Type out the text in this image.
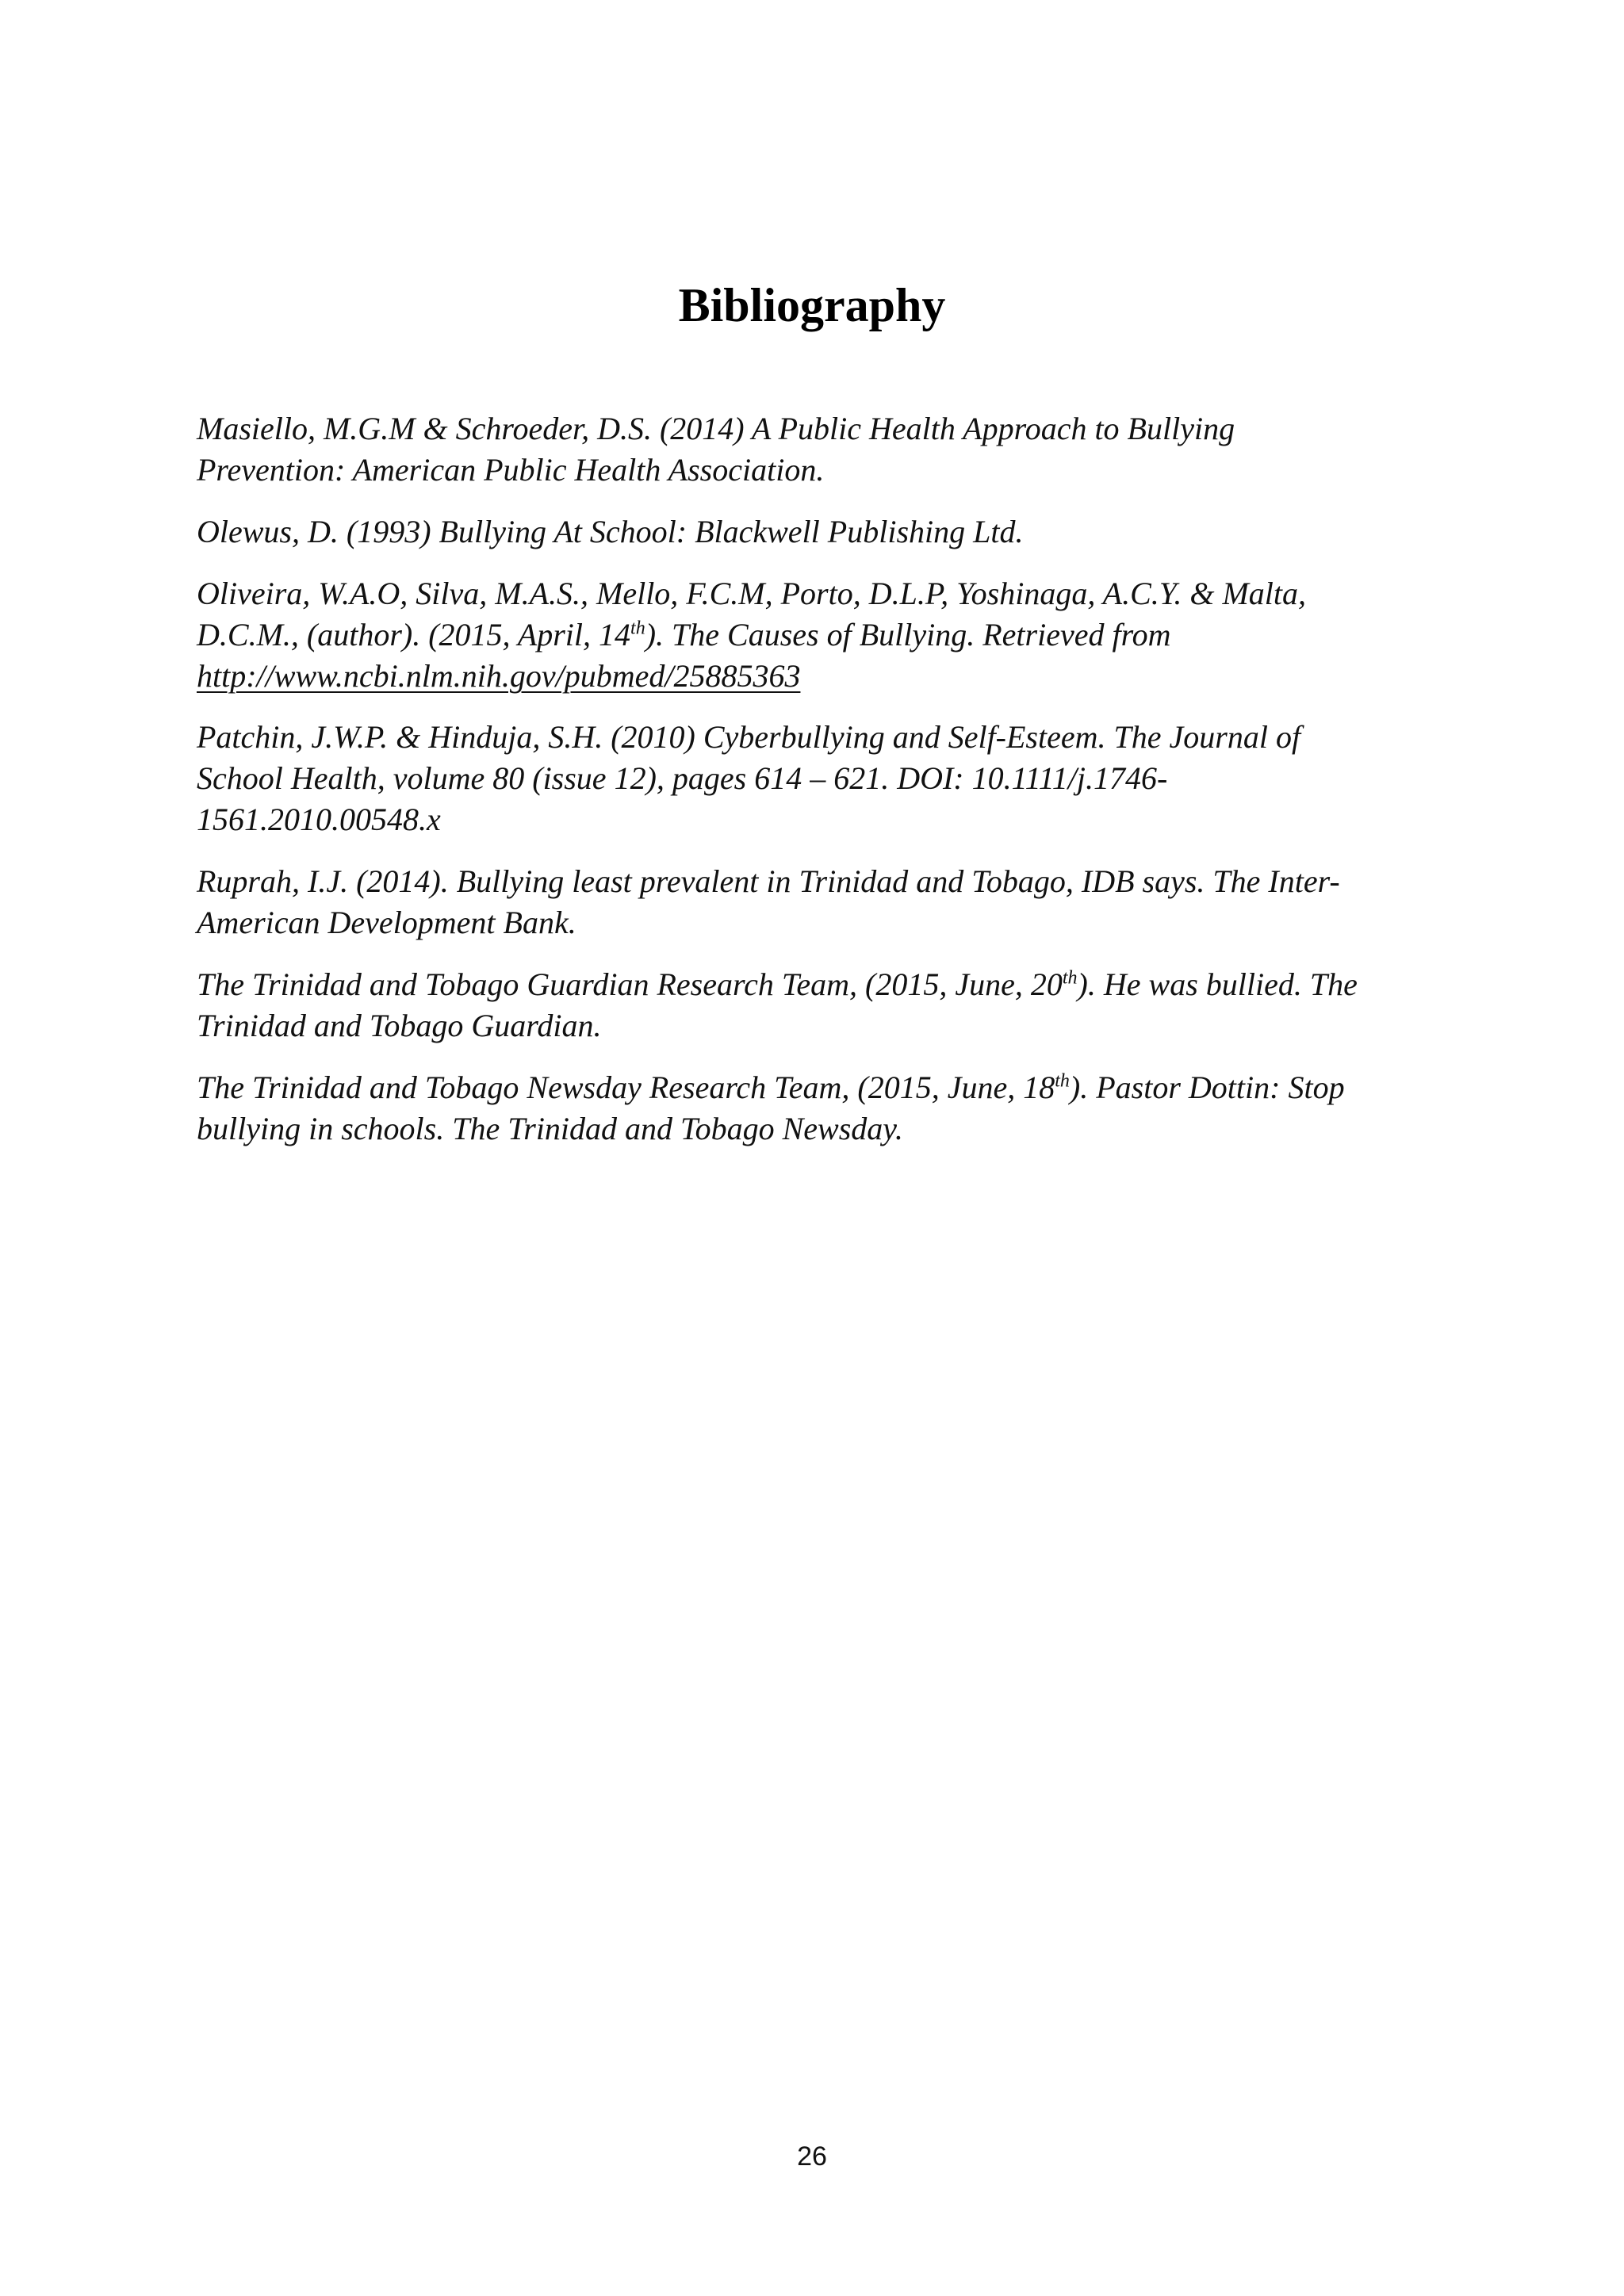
Bibliography

Masiello, M.G.M & Schroeder, D.S. (2014) A Public Health Approach to Bullying
Prevention: American Public Health Association.

Olewus, D. (1993) Bullying At School: Blackwell Publishing Ltd.

Oliveira, W.A.O, Silva, M.A.S., Mello, F.C.M, Porto, D.L.P, Yoshinaga, A.C.Y. & Malta,
D.C.M., (author). (2015, April, 14th). The Causes of Bullying. Retrieved from
http://www.ncbi.nlm.nih.gov/pubmed/25885363

Patchin, J.W.P. & Hinduja, S.H. (2010) Cyberbullying and Self-Esteem. The Journal of
School Health, volume 80 (issue 12), pages 614 – 621. DOI: 10.1111/j.1746-
1561.2010.00548.x

Ruprah, I.J. (2014). Bullying least prevalent in Trinidad and Tobago, IDB says. The Inter-
American Development Bank.

The Trinidad and Tobago Guardian Research Team, (2015, June, 20th). He was bullied. The
Trinidad and Tobago Guardian.

The Trinidad and Tobago Newsday Research Team, (2015, June, 18th). Pastor Dottin: Stop
bullying in schools. The Trinidad and Tobago Newsday.

26
